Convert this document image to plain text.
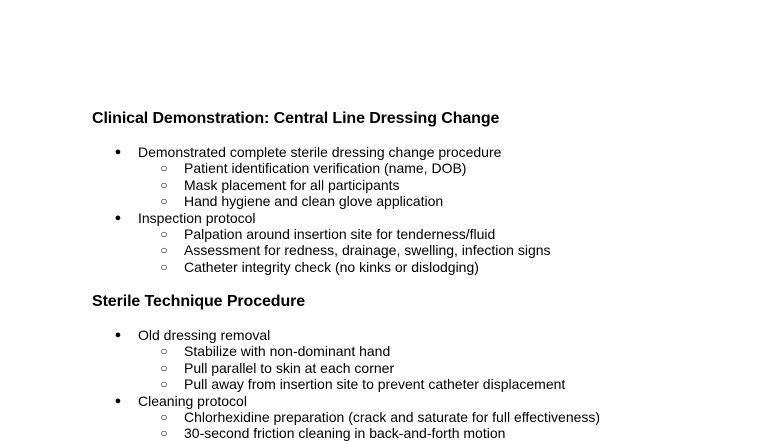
Clinical Demonstration: Central Line Dressing Change
● Demonstrated complete sterile dressing change procedure
○ Patient identification verification (name, DOB)
○ Mask placement for all participants
○ Hand hygiene and clean glove application
● Inspection protocol
○ Palpation around insertion site for tenderness/fluid
○ Assessment for redness, drainage, swelling, infection signs
○ Catheter integrity check (no kinks or dislodging)
Sterile Technique Procedure
● Old dressing removal
○ Stabilize with non-dominant hand
○ Pull parallel to skin at each corner
○ Pull away from insertion site to prevent catheter displacement
● Cleaning protocol
○ Chlorhexidine preparation (crack and saturate for full effectiveness)
○ 30-second friction cleaning in back-and-forth motion
